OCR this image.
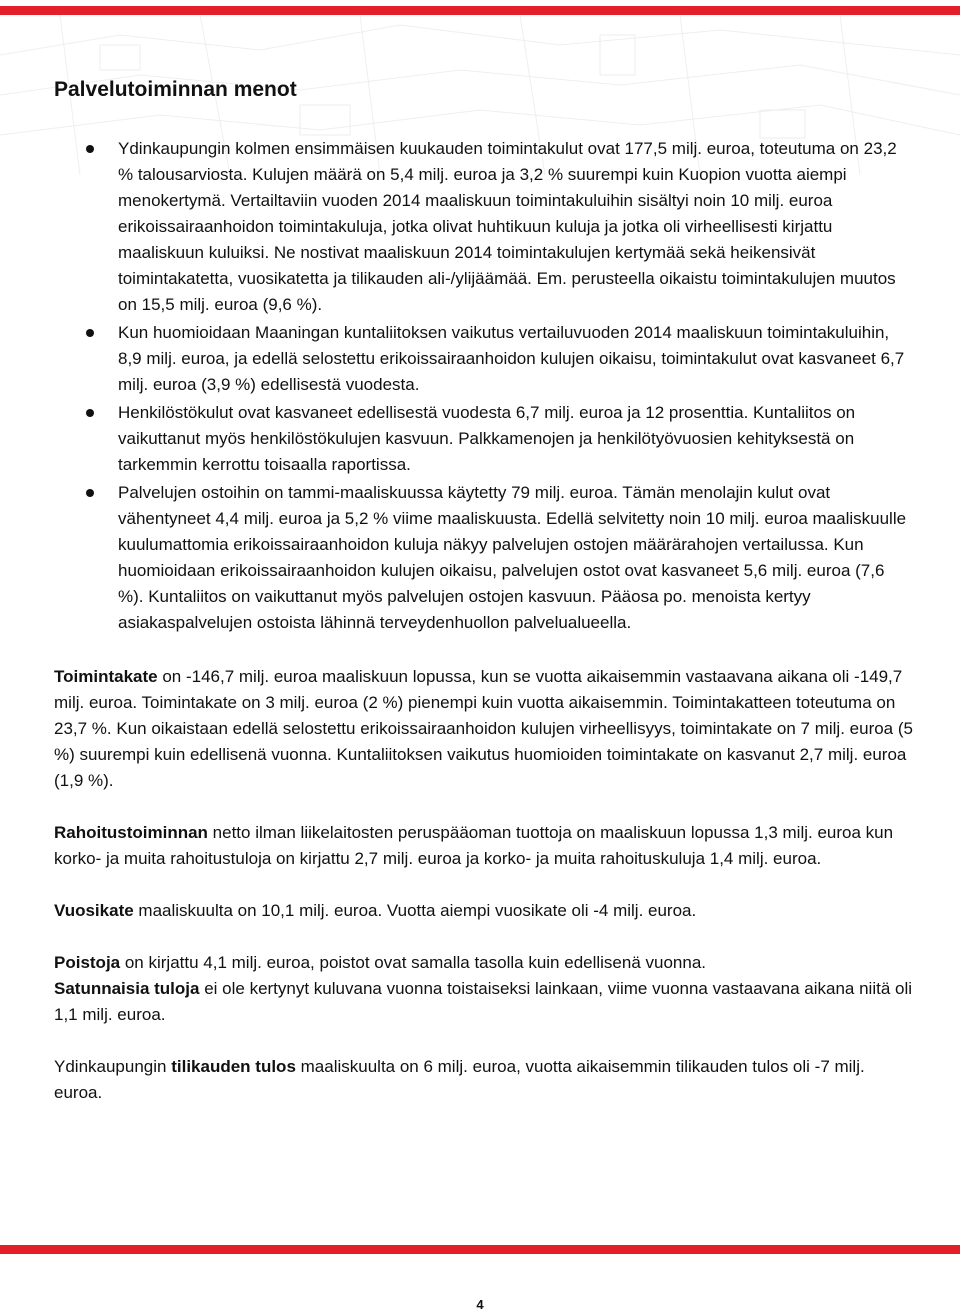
Palvelutoiminnan menot
Ydinkaupungin kolmen ensimmäisen kuukauden toimintakulut ovat 177,5 milj. euroa, toteutuma on 23,2 % talousarviosta. Kulujen määrä on 5,4 milj. euroa ja 3,2 % suurempi kuin Kuopion vuotta aiempi menokertymä. Vertailtaviin vuoden 2014 maaliskuun toimintakuluihin sisältyi noin 10 milj. euroa erikoissairaanhoidon toimintakuluja, jotka olivat huhtikuun kuluja ja jotka oli virheellisesti kirjattu maaliskuun kuluiksi. Ne nostivat maaliskuun 2014 toimintakulujen kertymää sekä heikensivät toimintakatetta, vuosikatetta ja tilikauden ali-/ylijäämää. Em. perusteella oikaistu toimintakulujen muutos on 15,5 milj. euroa (9,6 %).
Kun huomioidaan Maaningan kuntaliitoksen vaikutus vertailuvuoden 2014 maaliskuun toimintakuluihin, 8,9 milj. euroa, ja edellä selostettu erikoissairaanhoidon kulujen oikaisu, toimintakulut ovat kasvaneet 6,7 milj. euroa (3,9 %) edellisestä vuodesta.
Henkilöstökulut ovat kasvaneet edellisestä vuodesta 6,7 milj. euroa ja 12 prosenttia. Kuntaliitos on vaikuttanut myös henkilöstökulujen kasvuun. Palkkamenojen ja henkilötyövuosien kehityksestä on tarkemmin kerrottu toisaalla raportissa.
Palvelujen ostoihin on tammi-maaliskuussa käytetty 79 milj. euroa. Tämän menolajin kulut ovat vähentyneet 4,4 milj. euroa ja 5,2 % viime maaliskuusta. Edellä selvitetty noin 10 milj. euroa maaliskuulle kuulumattomia erikoissairaanhoidon kuluja näkyy palvelujen ostojen määrärahojen vertailussa. Kun huomioidaan erikoissairaanhoidon kulujen oikaisu, palvelujen ostot ovat kasvaneet 5,6 milj. euroa (7,6 %). Kuntaliitos on vaikuttanut myös palvelujen ostojen kasvuun. Pääosa po. menoista kertyy asiakaspalvelujen ostoista lähinnä terveydenhuollon palvelualueella.

Toimintakate on -146,7 milj. euroa maaliskuun lopussa, kun se vuotta aikaisemmin vastaavana aikana oli -149,7 milj. euroa. Toimintakate on 3 milj. euroa (2 %) pienempi kuin vuotta aikaisemmin. Toimintakatteen toteutuma on 23,7 %. Kun oikaistaan edellä selostettu erikoissairaanhoidon kulujen virheellisyys, toimintakate on 7 milj. euroa (5 %) suurempi kuin edellisenä vuonna. Kuntaliitoksen vaikutus huomioiden toimintakate on kasvanut 2,7 milj. euroa (1,9 %).

Rahoitustoiminnan netto ilman liikelaitosten peruspääoman tuottoja on maaliskuun lopussa 1,3 milj. euroa kun korko- ja muita rahoitustuloja on kirjattu 2,7 milj. euroa ja korko- ja muita rahoituskuluja 1,4 milj. euroa.

Vuosikate maaliskuulta on 10,1 milj. euroa. Vuotta aiempi vuosikate oli -4 milj. euroa.

Poistoja on kirjattu 4,1 milj. euroa, poistot ovat samalla tasolla kuin edellisenä vuonna.

Satunnaisia tuloja ei ole kertynyt kuluvana vuonna toistaiseksi lainkaan, viime vuonna vastaavana aikana niitä oli 1,1 milj. euroa.

Ydinkaupungin tilikauden tulos maaliskuulta on 6 milj. euroa, vuotta aikaisemmin tilikauden tulos oli -7 milj. euroa.

4
